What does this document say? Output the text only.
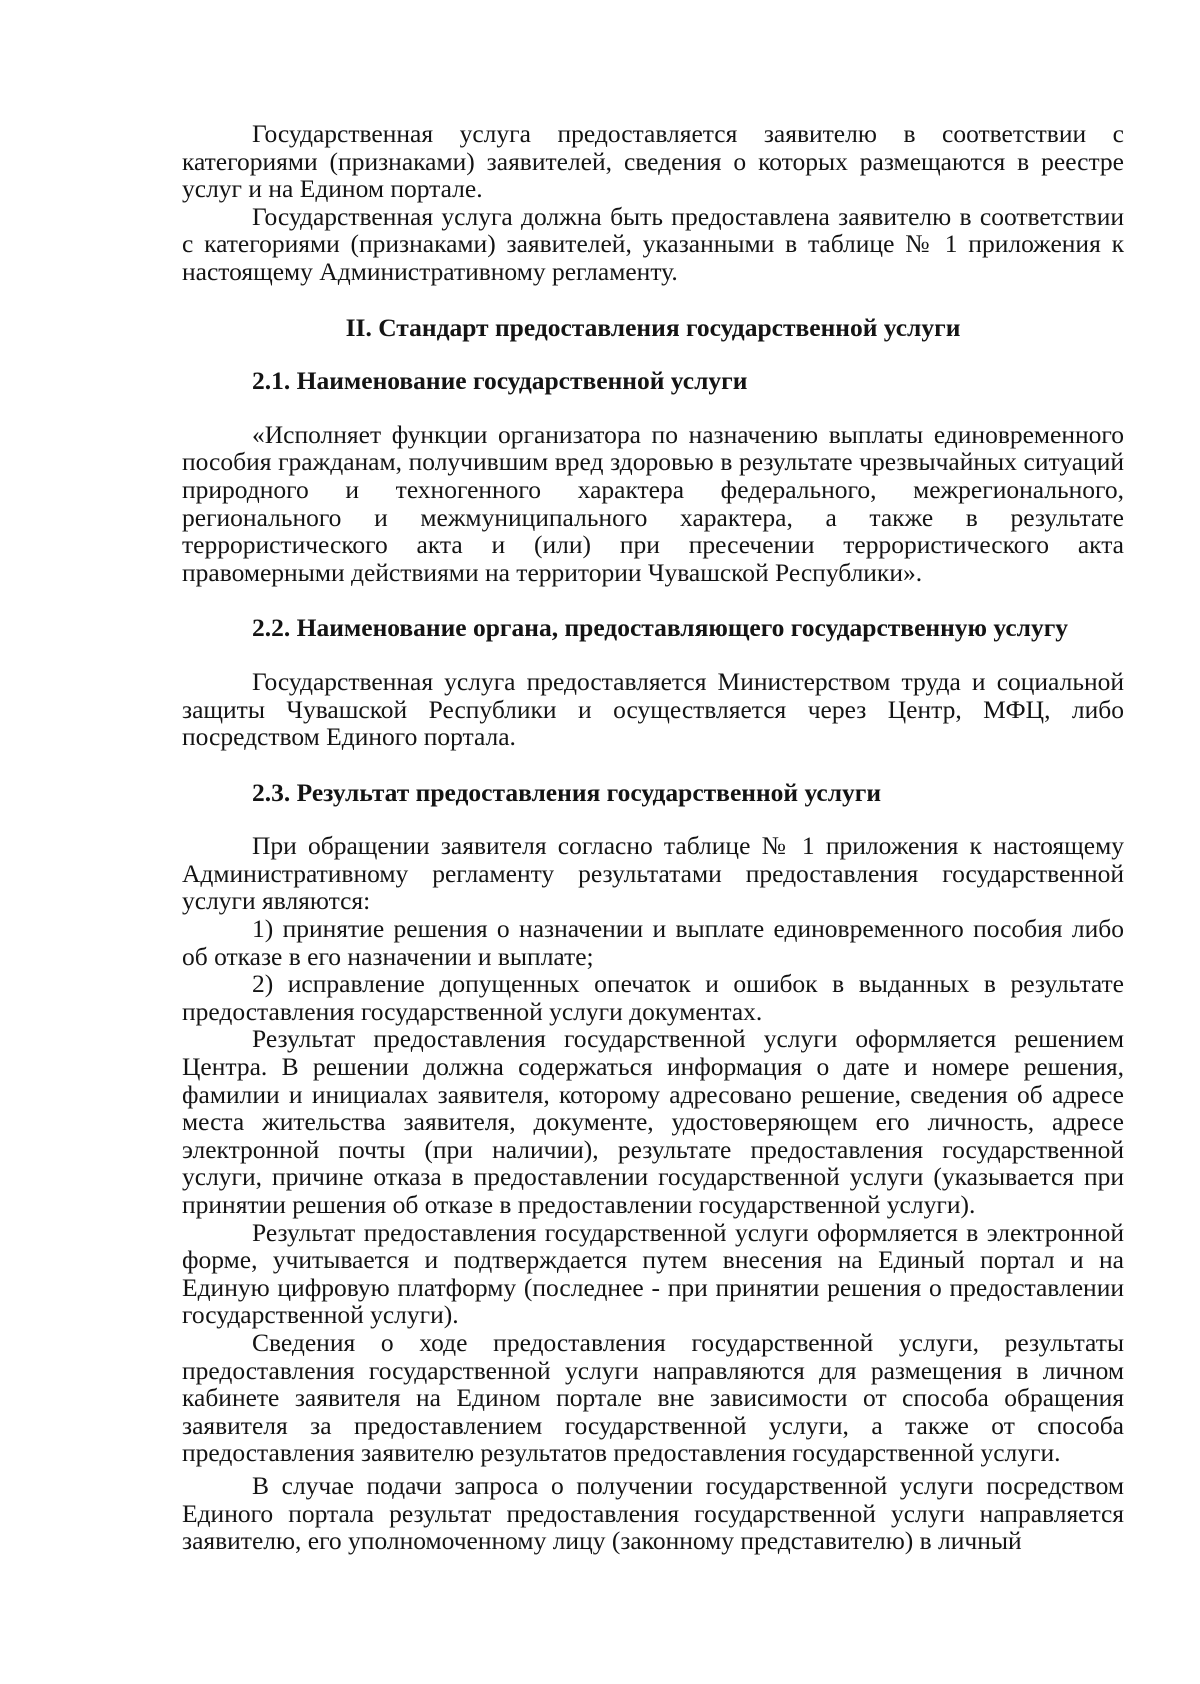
Государственная услуга предоставляется заявителю в соответствии с категориями (признаками) заявителей, сведения о которых размещаются в реестре услуг и на Едином портале.

Государственная услуга должна быть предоставлена заявителю в соответствии с категориями (признаками) заявителей, указанными в таблице № 1 приложения к настоящему Административному регламенту.

II. Стандарт предоставления государственной услуги

2.1. Наименование государственной услуги

«Исполняет функции организатора по назначению выплаты единовременного пособия гражданам, получившим вред здоровью в результате чрезвычайных ситуаций природного и техногенного характера федерального, межрегионального, регионального и межмуниципального характера, а также в результате террористического акта и (или) при пресечении террористического акта правомерными действиями на территории Чувашской Республики».

2.2. Наименование органа, предоставляющего государственную услугу

Государственная услуга предоставляется Министерством труда и социальной защиты Чувашской Республики и осуществляется через Центр, МФЦ, либо посредством Единого портала.

2.3. Результат предоставления государственной услуги

При обращении заявителя согласно таблице № 1 приложения к настоящему Административному регламенту результатами предоставления государственной услуги являются:

1) принятие решения о назначении и выплате единовременного пособия либо об отказе в его назначении и выплате;

2) исправление допущенных опечаток и ошибок в выданных в результате предоставления государственной услуги документах.

Результат предоставления государственной услуги оформляется решением Центра. В решении должна содержаться информация о дате и номере решения, фамилии и инициалах заявителя, которому адресовано решение, сведения об адресе места жительства заявителя, документе, удостоверяющем его личность, адресе электронной почты (при наличии), результате предоставления государственной услуги, причине отказа в предоставлении государственной услуги (указывается при принятии решения об отказе в предоставлении государственной услуги).

Результат предоставления государственной услуги оформляется в электронной форме, учитывается и подтверждается путем внесения на Единый портал и на Единую цифровую платформу (последнее - при принятии решения о предоставлении государственной услуги).

Сведения о ходе предоставления государственной услуги, результаты предоставления государственной услуги направляются для размещения в личном кабинете заявителя на Едином портале вне зависимости от способа обращения заявителя за предоставлением государственной услуги, а также от способа предоставления заявителю результатов предоставления государственной услуги.

В случае подачи запроса о получении государственной услуги посредством Единого портала результат предоставления государственной услуги направляется заявителю, его уполномоченному лицу (законному представителю) в личный
